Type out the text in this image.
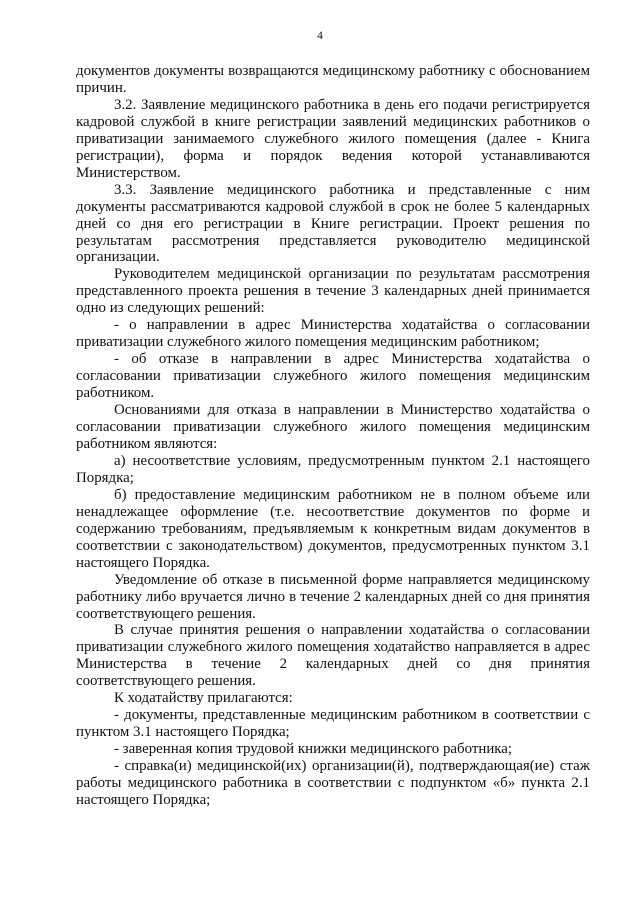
4

документов документы возвращаются медицинскому работнику с обоснованием причин.

3.2. Заявление медицинского работника в день его подачи регистрируется кадровой службой в книге регистрации заявлений медицинских работников о приватизации занимаемого служебного жилого помещения (далее - Книга регистрации), форма и порядок ведения которой устанавливаются Министерством.

3.3. Заявление медицинского работника и представленные с ним документы рассматриваются кадровой службой в срок не более 5 календарных дней со дня его регистрации в Книге регистрации. Проект решения по результатам рассмотрения представляется руководителю медицинской организации.

Руководителем медицинской организации по результатам рассмотрения представленного проекта решения в течение 3 календарных дней принимается одно из следующих решений:

- о направлении в адрес Министерства ходатайства о согласовании приватизации служебного жилого помещения медицинским работником;

- об отказе в направлении в адрес Министерства ходатайства о согласовании приватизации служебного жилого помещения медицинским работником.

Основаниями для отказа в направлении в Министерство ходатайства о согласовании приватизации служебного жилого помещения медицинским работником являются:

а) несоответствие условиям, предусмотренным пунктом 2.1 настоящего Порядка;

б) предоставление медицинским работником не в полном объеме или ненадлежащее оформление (т.е. несоответствие документов по форме и содержанию требованиям, предъявляемым к конкретным видам документов в соответствии с законодательством) документов, предусмотренных пунктом 3.1 настоящего Порядка.

Уведомление об отказе в письменной форме направляется медицинскому работнику либо вручается лично в течение 2 календарных дней со дня принятия соответствующего решения.

В случае принятия решения о направлении ходатайства о согласовании приватизации служебного жилого помещения ходатайство направляется в адрес Министерства в течение 2 календарных дней со дня принятия соответствующего решения.

К ходатайству прилагаются:

- документы, представленные медицинским работником в соответствии с пунктом 3.1 настоящего Порядка;

- заверенная копия трудовой книжки медицинского работника;

- справка(и) медицинской(их) организации(й), подтверждающая(ие) стаж работы медицинского работника в соответствии с подпунктом «б» пункта 2.1 настоящего Порядка;
